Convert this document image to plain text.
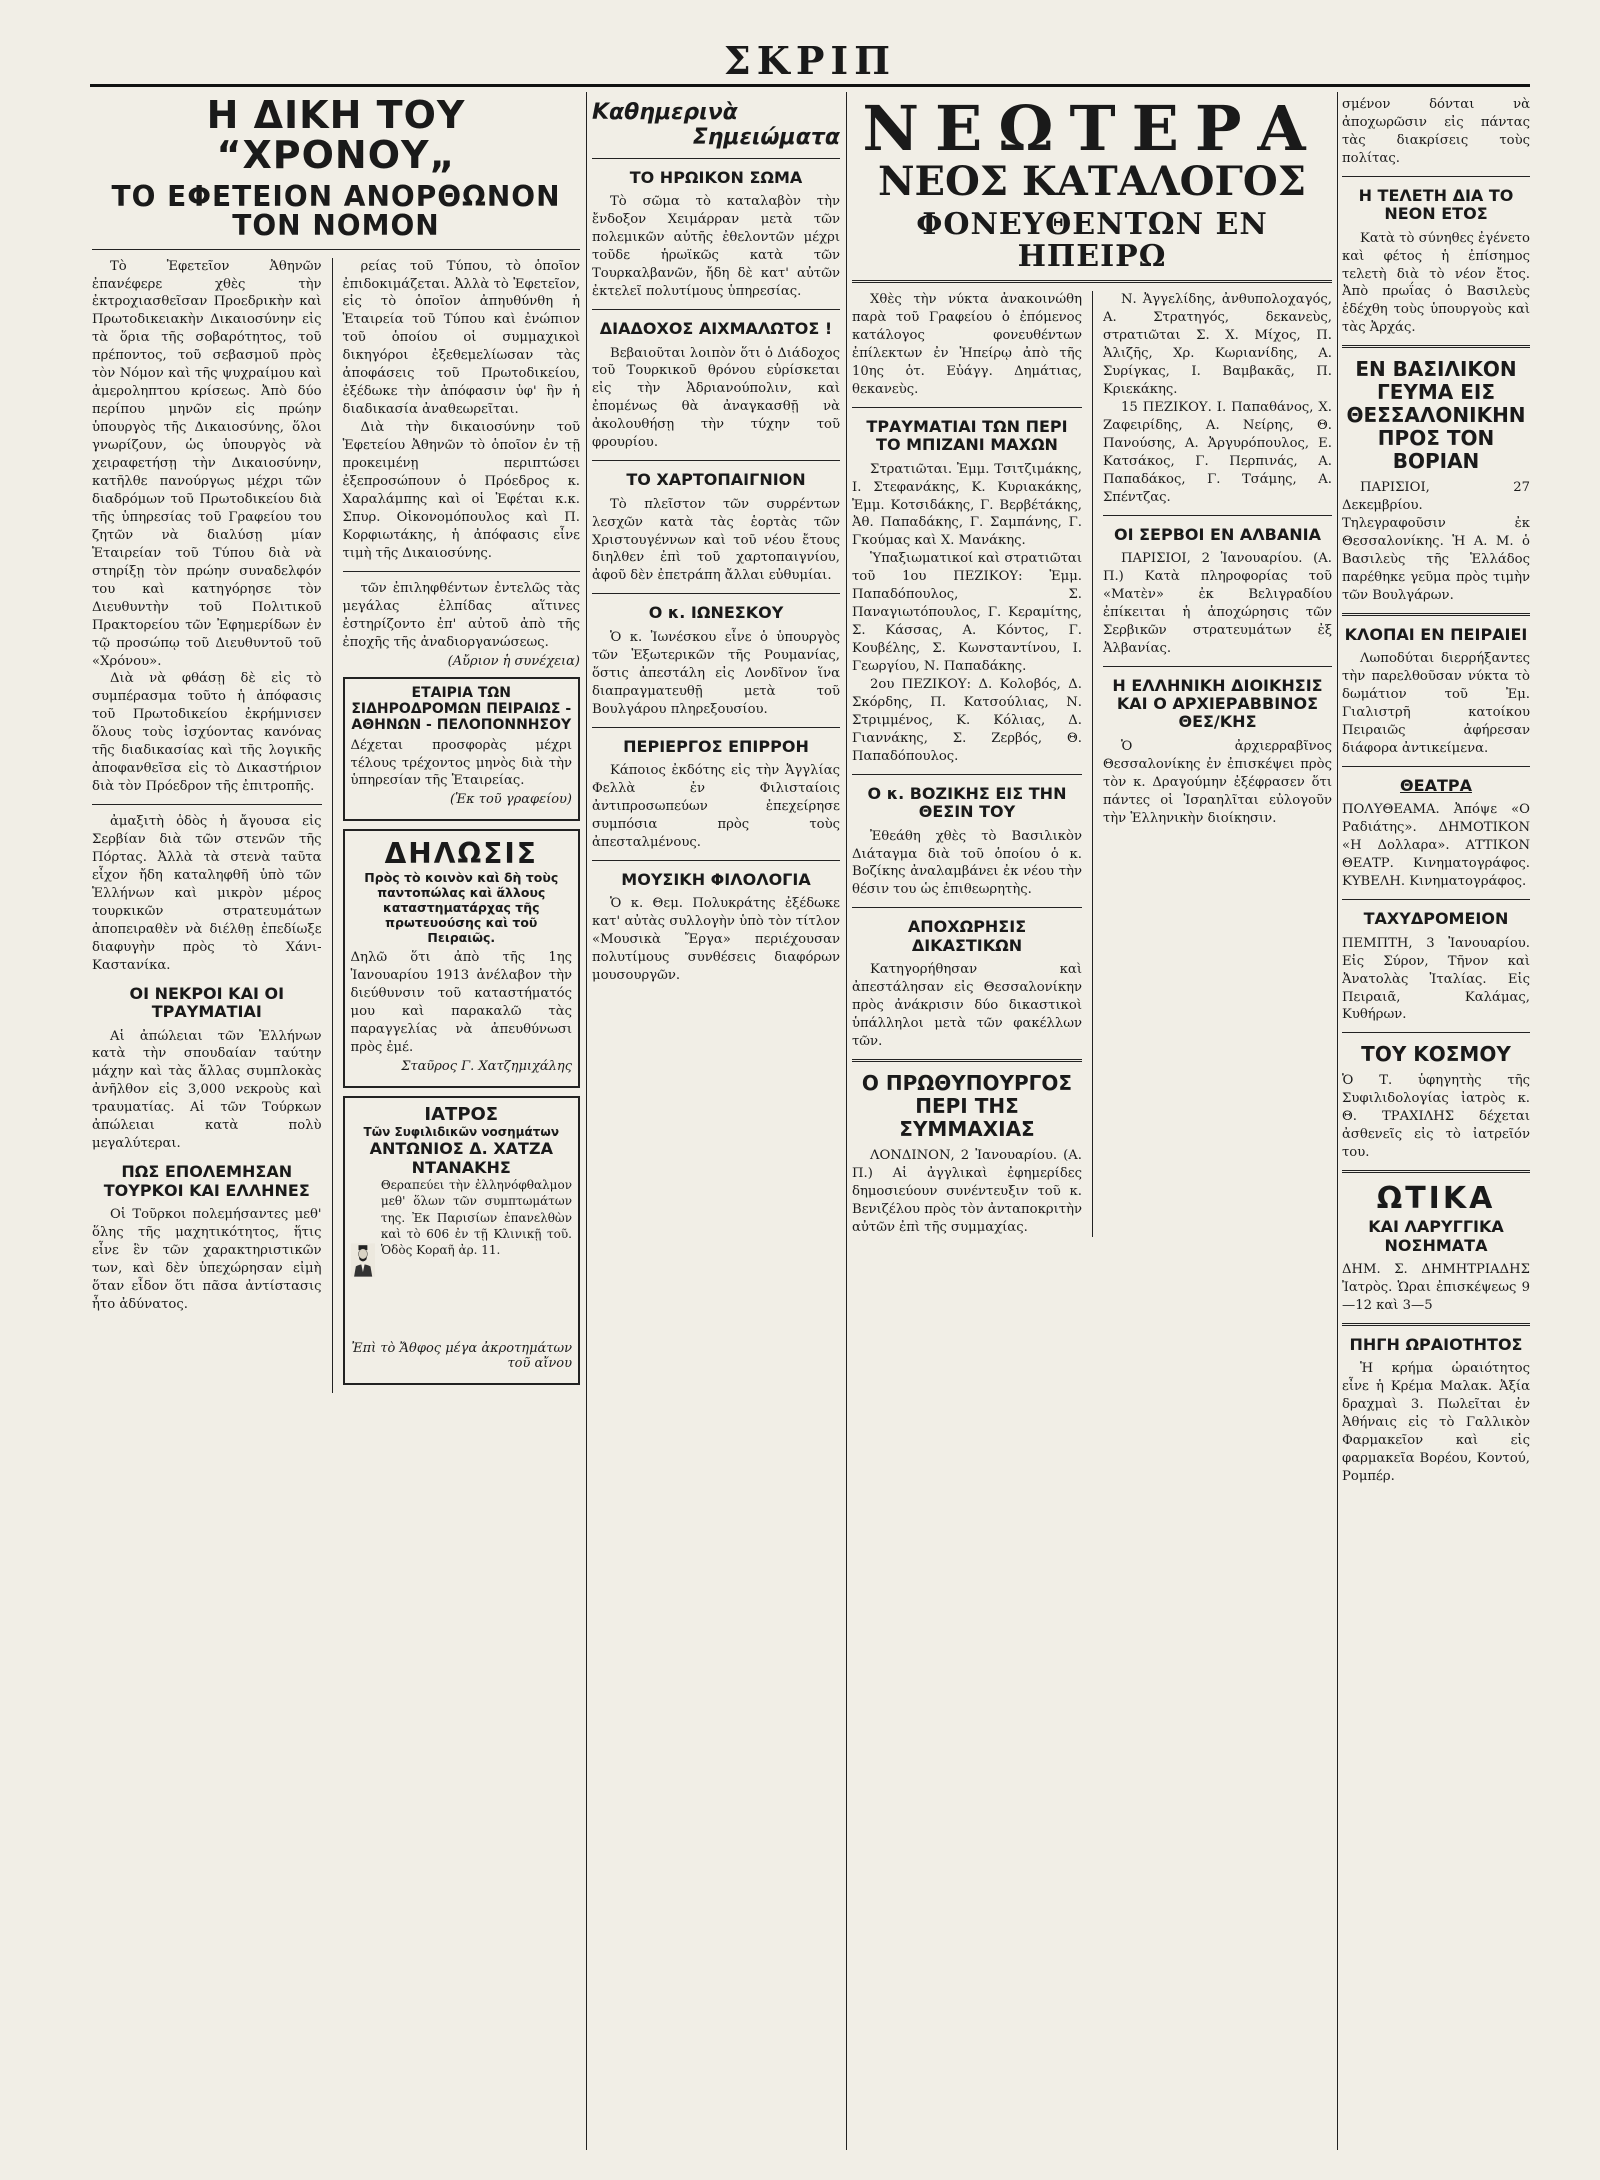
ΣΚΡΙΠ
Η ΔΙΚΗ ΤΟΥ “ΧΡΟΝΟΥ„
ΤΟ ΕΦΕΤΕΙΟΝ ΑΝΟΡΘΩΝΟΝ ΤΟΝ ΝΟΜΟΝ

Τὸ Ἐφετεῖον Ἀθηνῶν ἐπανέφερε χθὲς τὴν ἐκτροχιασθεῖσαν Προεδρικὴν καὶ Πρωτοδικειακὴν Δικαιοσύνην εἰς τὰ ὅρια τῆς σοβαρότητος, τοῦ πρέποντος, τοῦ σεβασμοῦ πρὸς τὸν Νόμον καὶ τῆς ψυχραίμου καὶ ἀμεροληπτου κρίσεως. Ἀπὸ δύο περίπου μηνῶν εἰς πρώην ὑπουργὸς τῆς Δικαιοσύνης, ὅλοι γνωρίζουν, ὡς ὑπουργὸς νὰ χειραφετήσῃ τὴν Δικαιοσύνην, κατῆλθε πανούργως μέχρι τῶν διαδρόμων τοῦ Πρωτοδικείου διὰ τῆς ὑπηρεσίας τοῦ Γραφείου του ζητῶν νὰ διαλύσῃ μίαν Ἑταιρείαν τοῦ Τύπου διὰ νὰ στηρίξῃ τὸν πρώην συναδελφόν του καὶ κατηγόρησε τὸν Διευθυντὴν τοῦ Πολιτικοῦ Πρακτορείου τῶν Ἐφημερίδων ἐν τῷ προσώπῳ τοῦ Διευθυντοῦ τοῦ «Χρόνου».

Διὰ νὰ φθάσῃ δὲ εἰς τὸ συμπέρασμα τοῦτο ἡ ἀπόφασις τοῦ Πρωτοδικείου ἐκρήμνισεν ὅλους τοὺς ἰσχύοντας κανόνας τῆς διαδικασίας καὶ τῆς λογικῆς ἀποφανθεῖσα εἰς τὸ Δικαστήριον διὰ τὸν Πρόεδρον τῆς ἐπιτροπῆς.

ἀμαξιτὴ ὁδὸς ἡ ἄγουσα εἰς Σερβίαν διὰ τῶν στενῶν τῆς Πόρτας. Ἀλλὰ τὰ στενὰ ταῦτα εἶχον ἤδη καταληφθῆ ὑπὸ τῶν Ἑλλήνων καὶ μικρὸν μέρος τουρκικῶν στρατευμάτων ἀποπειραθὲν νὰ διέλθῃ ἐπεδίωξε διαφυγὴν πρὸς τὸ Χάνι-Καστανίκα.

ΟΙ ΝΕΚΡΟΙ ΚΑΙ ΟΙ ΤΡΑΥΜΑΤΙΑΙ

Αἱ ἀπώλειαι τῶν Ἑλλήνων κατὰ τὴν σπουδαίαν ταύτην μάχην καὶ τὰς ἄλλας συμπλοκὰς ἀνῆλθον εἰς 3,000 νεκροὺς καὶ τραυματίας. Αἱ τῶν Τούρκων ἀπώλειαι κατὰ πολὺ μεγαλύτεραι.

ΠΩΣ ΕΠΟΛΕΜΗΣΑΝ ΤΟΥΡΚΟΙ ΚΑΙ ΕΛΛΗΝΕΣ

Οἱ Τοῦρκοι πολεμήσαντες μεθ' ὅλης τῆς μαχητικότητος, ἥτις εἶνε ἓν τῶν χαρακτηριστικῶν των, καὶ δὲν ὑπεχώρησαν εἰμὴ ὅταν εἶδον ὅτι πᾶσα ἀντίστασις ἦτο ἀδύνατος.

ρείας τοῦ Τύπου, τὸ ὁποῖον ἐπιδοκιμάζεται. Ἀλλὰ τὸ Ἐφετεῖον, εἰς τὸ ὁποῖον ἀπηυθύνθη ἡ Ἑταιρεία τοῦ Τύπου καὶ ἐνώπιον τοῦ ὁποίου οἱ συμμαχικοὶ δικηγόροι ἐξεθεμελίωσαν τὰς ἀποφάσεις τοῦ Πρωτοδικείου, ἐξέδωκε τὴν ἀπόφασιν ὑφ' ἣν ἡ διαδικασία ἀναθεωρεῖται.

Διὰ τὴν δικαιοσύνην τοῦ Ἐφετείου Ἀθηνῶν τὸ ὁποῖον ἐν τῇ προκειμένῃ περιπτώσει ἐξεπροσώπουν ὁ Πρόεδρος κ. Χαραλάμπης καὶ οἱ Ἐφέται κ.κ. Σπυρ. Οἰκονομόπουλος καὶ Π. Κορφιωτάκης, ἡ ἀπόφασις εἶνε τιμὴ τῆς Δικαιοσύνης.

τῶν ἐπιληφθέντων ἐντελῶς τὰς μεγάλας ἐλπίδας αἵτινες ἐστηρίζοντο ἐπ' αὐτοῦ ἀπὸ τῆς ἐποχῆς τῆς ἀναδιοργανώσεως.

(Αὔριον ἡ συνέχεια)
ΕΤΑΙΡΙΑ ΤΩΝ ΣΙΔΗΡΟΔΡΟΜΩΝ ΠΕΙΡΑΙΩΣ - ΑΘΗΝΩΝ - ΠΕΛΟΠΟΝΝΗΣΟΥ

Δέχεται προσφορὰς μέχρι τέλους τρέχοντος μηνὸς διὰ τὴν ὑπηρεσίαν τῆς Ἑταιρείας.

(Ἐκ τοῦ γραφείου)
ΔΗΛΩΣΙΣ
Πρὸς τὸ κοινὸν καὶ δὴ τοὺς παντοπώλας καὶ ἄλλους καταστηματάρχας τῆς πρωτευούσης καὶ τοῦ Πειραιῶς.

Δηλῶ ὅτι ἀπὸ τῆς 1ης Ἰανουαρίου 1913 ἀνέλαβον τὴν διεύθυνσιν τοῦ καταστήματός μου καὶ παρακαλῶ τὰς παραγγελίας νὰ ἀπευθύνωσι πρὸς ἐμέ.

Σταῦρος Γ. Χατζημιχάλης
ΙΑΤΡΟΣ
Τῶν Συφιλιδικῶν νοσημάτων
ΑΝΤΩΝΙΟΣ Δ. ΧΑΤΖΑ ΝΤΑΝΑΚΗΣ

Θεραπεύει τὴν ἐλληνόφθαλμον μεθ' ὅλων τῶν συμπτωμάτων της. Ἐκ Παρισίων ἐπανελθὼν καὶ τὸ 606 ἐν τῇ Κλινικῇ τοῦ. Ὁδὸς Κοραῆ ἀρ. 11.

Ἐπὶ τὸ Ἄθφος μέγα ἀκροτημάτων τοῦ αἴνου
Καθημερινὰ
Σημειώματα
ΤΟ ΗΡΩΙΚΟΝ ΣΩΜΑ

Τὸ σῶμα τὸ καταλαβὸν τὴν ἔνδοξον Χειμάρραν μετὰ τῶν πολεμικῶν αὐτῆς ἐθελοντῶν μέχρι τοῦδε ἡρωϊκῶς κατὰ τῶν Τουρκαλβανῶν, ἤδη δὲ κατ' αὐτῶν ἐκτελεῖ πολυτίμους ὑπηρεσίας.

ΔΙΑΔΟΧΟΣ ΑΙΧΜΑΛΩΤΟΣ !

Βεβαιοῦται λοιπὸν ὅτι ὁ Διάδοχος τοῦ Τουρκικοῦ θρόνου εὑρίσκεται εἰς τὴν Ἀδριανούπολιν, καὶ ἐπομένως θὰ ἀναγκασθῇ νὰ ἀκολουθήσῃ τὴν τύχην τοῦ φρουρίου.

ΤΟ ΧΑΡΤΟΠΑΙΓΝΙΟΝ

Τὸ πλεῖστον τῶν συρρέντων λεσχῶν κατὰ τὰς ἑορτὰς τῶν Χριστουγέννων καὶ τοῦ νέου ἔτους διηλθεν ἐπὶ τοῦ χαρτοπαιγνίου, ἀφοῦ δὲν ἐπετράπη ἄλλαι εὐθυμίαι.

Ο κ. ΙΩΝΕΣΚΟΥ

Ὁ κ. Ἰωνέσκου εἶνε ὁ ὑπουργὸς τῶν Ἐξωτερικῶν τῆς Ρουμανίας, ὅστις ἀπεστάλη εἰς Λονδῖνον ἵνα διαπραγματευθῇ μετὰ τοῦ Βουλγάρου πληρεξουσίου.

ΠΕΡΙΕΡΓΟΣ ΕΠΙΡΡΟΗ

Κάποιος ἐκδότης εἰς τὴν Ἀγγλίας Φελλὰ ἐν Φιλισταίοις ἀντιπροσωπεύων ἐπεχείρησε συμπόσια πρὸς τοὺς ἀπεσταλμένους.

ΜΟΥΣΙΚΗ ΦΙΛΟΛΟΓΙΑ

Ὁ κ. Θεμ. Πολυκράτης ἐξέδωκε κατ' αὐτὰς συλλογὴν ὑπὸ τὸν τίτλον «Μουσικὰ Ἔργα» περιέχουσαν πολυτίμους συνθέσεις διαφόρων μουσουργῶν.

ΝΕΩΤΕΡΑ
ΝΕΟΣ ΚΑΤΑΛΟΓΟΣ
ΦΟΝΕΥΘΕΝΤΩΝ ΕΝ ΗΠΕΙΡΩ

Χθὲς τὴν νύκτα ἀνακοινώθη παρὰ τοῦ Γραφείου ὁ ἐπόμενος κατάλογος φονευθέντων ἐπίλεκτων ἐν Ἠπείρῳ ἀπὸ τῆς 10ης ὁτ. Εὐάγγ. Δημάτιας, θεκανεὺς.

ΤΡΑΥΜΑΤΙΑΙ ΤΩΝ ΠΕΡΙ ΤΟ ΜΠΙΖΑΝΙ ΜΑΧΩΝ

Στρατιῶται. Ἐμμ. Τσιτζιμάκης, Ι. Στεφανάκης, Κ. Κυριακάκης, Ἐμμ. Κοτσιδάκης, Γ. Βερβέτάκης, Ἀθ. Παπαδάκης, Γ. Σαμπάνης, Γ. Γκούμας καὶ Χ. Μανάκης.

Ὑπαξιωματικοί καὶ στρατιῶται τοῦ 1ου ΠΕΖΙΚΟΥ: Ἐμμ. Παπαδόπουλος, Σ. Παναγιωτόπουλος, Γ. Κεραμίτης, Σ. Κάσσας, Α. Κόντος, Γ. Κουβέλης, Σ. Κωνσταντίνου, Ι. Γεωργίου, Ν. Παπαδάκης.

2ου ΠΕΖΙΚΟΥ: Δ. Κολοβός, Δ. Σκόρδης, Π. Κατσούλιας, Ν. Στριμμένος, Κ. Κόλιας, Δ. Γιαννάκης, Σ. Ζερβός, Θ. Παπαδόπουλος.

Ο κ. ΒΟΖΙΚΗΣ ΕΙΣ ΤΗΝ ΘΕΣΙΝ ΤΟΥ

Ἐθεάθη χθὲς τὸ Βασιλικὸν Διάταγμα διὰ τοῦ ὁποίου ὁ κ. Βοζίκης ἀναλαμβάνει ἐκ νέου τὴν θέσιν του ὡς ἐπιθεωρητὴς.

ΑΠΟΧΩΡΗΣΙΣ ΔΙΚΑΣΤΙΚΩΝ

Κατηγορήθησαν καὶ ἀπεστάλησαν εἰς Θεσσαλονίκην πρὸς ἀνάκρισιν δύο δικαστικοὶ ὑπάλληλοι μετὰ τῶν φακέλλων τῶν.

Ο ΠΡΩΘΥΠΟΥΡΓΟΣ ΠΕΡΙ ΤΗΣ ΣΥΜΜΑΧΙΑΣ

ΛΟΝΔΙΝΟΝ, 2 Ἰανουαρίου. (Α. Π.) Αἱ ἀγγλικαὶ ἐφημερίδες δημοσιεύουν συνέντευξιν τοῦ κ. Βενιζέλου πρὸς τὸν ἀνταποκριτὴν αὐτῶν ἐπὶ τῆς συμμαχίας.

Ν. Ἀγγελίδης, ἀνθυπολοχαγός, Α. Στρατηγός, δεκανεὺς, στρατιῶται Σ. Χ. Μίχος, Π. Ἀλιζῆς, Χρ. Κωριανίδης, Α. Συρίγκας, Ι. Βαμβακᾶς, Π. Κριεκάκης.

15 ΠΕΖΙΚΟΥ. Ι. Παπαθάνος, Χ. Ζαφειρίδης, Α. Νείρης, Θ. Πανούσης, Α. Ἀργυρόπουλος, Ε. Κατσάκος, Γ. Περπινάς, Α. Παπαδάκος, Γ. Τσάμης, Α. Σπέντζας.

ΟΙ ΣΕΡΒΟΙ ΕΝ ΑΛΒΑΝΙΑ

ΠΑΡΙΣΙΟΙ, 2 Ἰανουαρίου. (Α. Π.) Κατὰ πληροφορίας τοῦ «Ματὲν» ἐκ Βελιγραδίου ἐπίκειται ἡ ἀποχώρησις τῶν Σερβικῶν στρατευμάτων ἐξ Ἀλβανίας.

Η ΕΛΛΗΝΙΚΗ ΔΙΟΙΚΗΣΙΣ ΚΑΙ Ο ΑΡΧΙΕΡΑΒΒΙΝΟΣ ΘΕΣ/ΚΗΣ

Ὁ ἀρχιερραβῖνος Θεσσαλονίκης ἐν ἐπισκέψει πρὸς τὸν κ. Δραγούμην ἐξέφρασεν ὅτι πάντες οἱ Ἰσραηλῖται εὐλογοῦν τὴν Ἑλληνικὴν διοίκησιν.

σμένον δόνται νὰ ἀποχωρῶσιν εἰς πάντας τὰς διακρίσεις τοὺς πολίτας.

Η ΤΕΛΕΤΗ ΔΙΑ ΤΟ ΝΕΟΝ ΕΤΟΣ

Κατὰ τὸ σύνηθες ἐγένετο καὶ φέτος ἡ ἐπίσημος τελετὴ διὰ τὸ νέον ἔτος. Ἀπὸ πρωΐας ὁ Βασιλεὺς ἐδέχθη τοὺς ὑπουργοὺς καὶ τὰς Ἀρχάς.

ΕΝ ΒΑΣΙΛΙΚΟΝ ΓΕΥΜΑ ΕΙΣ ΘΕΣΣΑΛΟΝΙΚΗΝ ΠΡΟΣ ΤΟΝ ΒΟΡΙΑΝ

ΠΑΡΙΣΙΟΙ, 27 Δεκεμβρίου. Τηλεγραφοῦσιν ἐκ Θεσσαλονίκης. Ἡ Α. Μ. ὁ Βασιλεὺς τῆς Ἑλλάδος παρέθηκε γεῦμα πρὸς τιμὴν τῶν Βουλγάρων.

ΚΛΟΠΑΙ ΕΝ ΠΕΙΡΑΙΕΙ

Λωποδύται διερρήξαντες τὴν παρελθοῦσαν νύκτα τὸ δωμάτιον τοῦ Ἐμ. Γιαλιστρῆ κατοίκου Πειραιῶς ἀφήρεσαν διάφορα ἀντικείμενα.

ΘΕΑΤΡΑ

ΠΟΛΥΘΕΑΜΑ. Ἀπόψε «Ο Ραδιάτης». ΔΗΜΟΤΙΚΟΝ «Η Δολλαρα». ΑΤΤΙΚΟΝ ΘΕΑΤΡ. Κινηματογράφος. ΚΥΒΕΛΗ. Κινηματογράφος.

ΤΑΧΥΔΡΟΜΕΙΟΝ

ΠΕΜΠΤΗ, 3 Ἰανουαρίου. Εἰς Σύρον, Τῆνον καὶ Ἀνατολὰς Ἰταλίας. Εἰς Πειραιᾶ, Καλάμας, Κυθήρων.

ΤΟΥ ΚΟΣΜΟΥ

Ὁ Τ. ὑφηγητὴς τῆς Συφιλιδολογίας ἰατρὸς κ. Θ. ΤΡΑΧΙΛΗΣ δέχεται ἀσθενεῖς εἰς τὸ ἰατρεῖόν του.

ΩΤΙΚΑ
ΚΑΙ ΛΑΡΥΓΓΙΚΑ ΝΟΣΗΜΑΤΑ

ΔΗΜ. Σ. ΔΗΜΗΤΡΙΑΔΗΣ Ἰατρὸς. Ὡραι ἐπισκέψεως 9—12 καὶ 3—5

ΠΗΓΗ ΩΡΑΙΟΤΗΤΟΣ

Ἡ κρήμα ὡραιότητος εἶνε ἡ Κρέμα Μαλακ. Ἀξία δραχμαὶ 3. Πωλεῖται ἐν Ἀθήναις εἰς τὸ Γαλλικὸν Φαρμακεῖον καὶ εἰς φαρμακεῖα Βορέου, Κοντού, Ρομπέρ.
